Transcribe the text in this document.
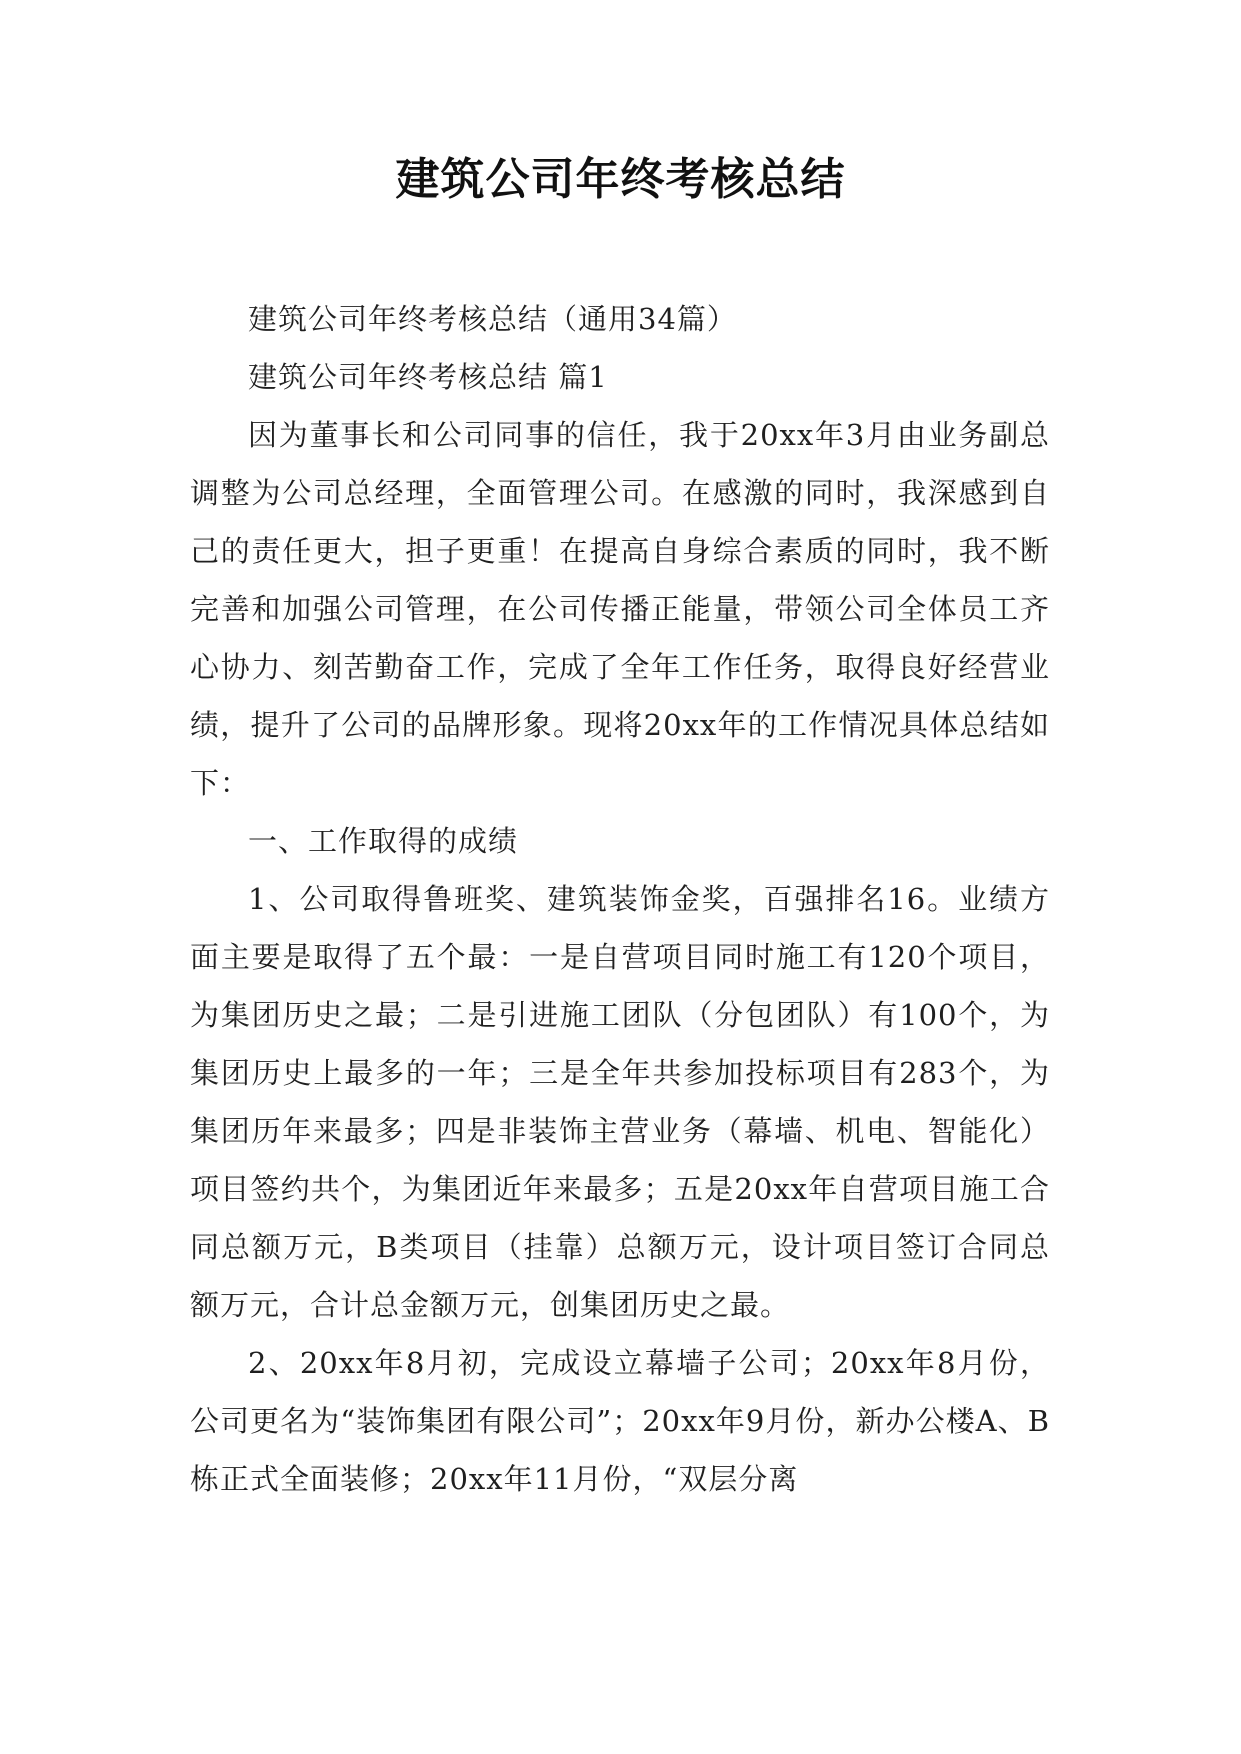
建筑公司年终考核总结

建筑公司年终考核总结（通用34篇）

建筑公司年终考核总结 篇1

因为董事长和公司同事的信任，我于20xx年3月由业务副总调整为公司总经理，全面管理公司。在感激的同时，我深感到自己的责任更大，担子更重！在提高自身综合素质的同时，我不断完善和加强公司管理，在公司传播正能量，带领公司全体员工齐心协力、刻苦勤奋工作，完成了全年工作任务，取得良好经营业绩，提升了公司的品牌形象。现将20xx年的工作情况具体总结如下：

一、工作取得的成绩

1、公司取得鲁班奖、建筑装饰金奖，百强排名16。业绩方面主要是取得了五个最：一是自营项目同时施工有120个项目，为集团历史之最；二是引进施工团队（分包团队）有100个，为集团历史上最多的一年；三是全年共参加投标项目有283个，为集团历年来最多；四是非装饰主营业务（幕墙、机电、智能化）项目签约共个，为集团近年来最多；五是20xx年自营项目施工合同总额万元，B类项目（挂靠）总额万元，设计项目签订合同总额万元，合计总金额万元，创集团历史之最。

2、20xx年8月初，完成设立幕墙子公司；20xx年8月份，公司更名为“装饰集团有限公司”；20xx年9月份，新办公楼A、B栋正式全面装修；20xx年11月份，“双层分离
